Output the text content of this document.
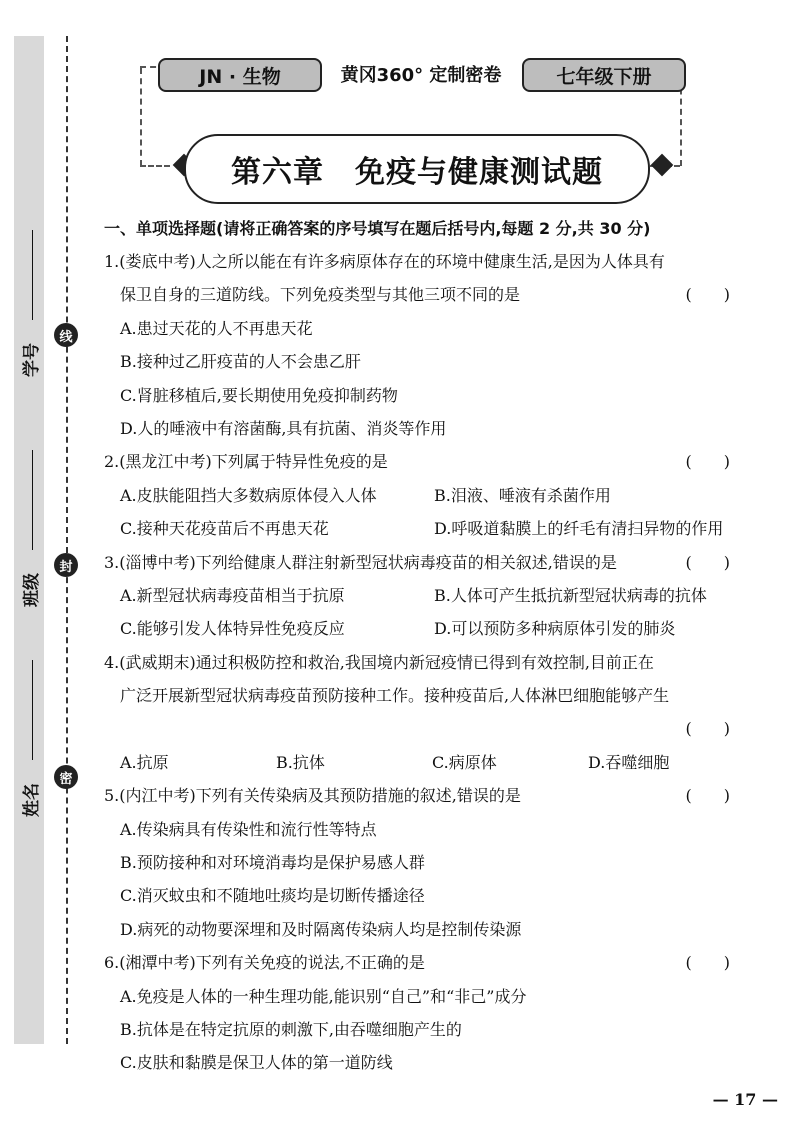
学号
班级
姓名
线
封
密
JN · 生物	黄冈360° 定制密卷	七年级下册
第六章　免疫与健康测试题
一、单项选择题(请将正确答案的序号填写在题后括号内,每题 2 分,共 30 分)
1.(娄底中考)人之所以能在有许多病原体存在的环境中健康生活,是因为人体具有
保卫自身的三道防线。下列免疫类型与其他三项不同的是	(　　)
A.患过天花的人不再患天花
B.接种过乙肝疫苗的人不会患乙肝
C.肾脏移植后,要长期使用免疫抑制药物
D.人的唾液中有溶菌酶,具有抗菌、消炎等作用
2.(黑龙江中考)下列属于特异性免疫的是	(　　)
A.皮肤能阻挡大多数病原体侵入人体	B.泪液、唾液有杀菌作用
C.接种天花疫苗后不再患天花	D.呼吸道黏膜上的纤毛有清扫异物的作用
3.(淄博中考)下列给健康人群注射新型冠状病毒疫苗的相关叙述,错误的是	(　　)
A.新型冠状病毒疫苗相当于抗原	B.人体可产生抵抗新型冠状病毒的抗体
C.能够引发人体特异性免疫反应	D.可以预防多种病原体引发的肺炎
4.(武威期末)通过积极防控和救治,我国境内新冠疫情已得到有效控制,目前正在
广泛开展新型冠状病毒疫苗预防接种工作。接种疫苗后,人体淋巴细胞能够产生
(　　)
A.抗原	B.抗体	C.病原体	D.吞噬细胞
5.(内江中考)下列有关传染病及其预防措施的叙述,错误的是	(　　)
A.传染病具有传染性和流行性等特点
B.预防接种和对环境消毒均是保护易感人群
C.消灭蚊虫和不随地吐痰均是切断传播途径
D.病死的动物要深埋和及时隔离传染病人均是控制传染源
6.(湘潭中考)下列有关免疫的说法,不正确的是	(　　)
A.免疫是人体的一种生理功能,能识别“自己”和“非己”成分
B.抗体是在特定抗原的刺激下,由吞噬细胞产生的
C.皮肤和黏膜是保卫人体的第一道防线
— 17 —
